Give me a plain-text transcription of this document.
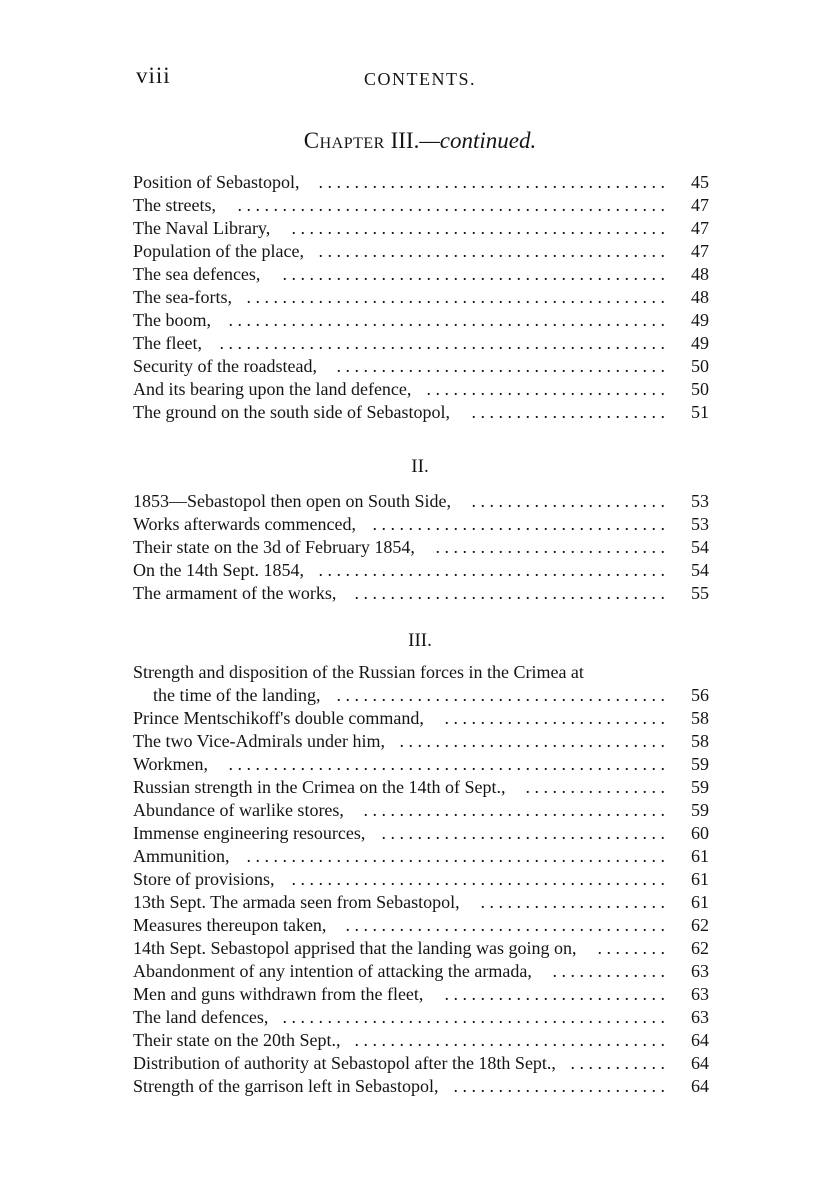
viii	CONTENTS.
Chapter III.—continued.
Position of Sebastopol, . . . . . . . . . . . . . . . . . . . . . . . . . . . . . . . . . . . . . . .	45
The streets, . . . . . . . . . . . . . . . . . . . . . . . . . . . . . . . . . . . . . . . . . . . . . . . .	47
The Naval Library, . . . . . . . . . . . . . . . . . . . . . . . . . . . . . . . . . . . . . . . . . .	47
Population of the place, . . . . . . . . . . . . . . . . . . . . . . . . . . . . . . . . . . . . . . .	47
The sea defences, . . . . . . . . . . . . . . . . . . . . . . . . . . . . . . . . . . . . . . . . . . .	48
The sea-forts, . . . . . . . . . . . . . . . . . . . . . . . . . . . . . . . . . . . . . . . . . . . . . . .	48
The boom, . . . . . . . . . . . . . . . . . . . . . . . . . . . . . . . . . . . . . . . . . . . . . . . . .	49
The fleet, . . . . . . . . . . . . . . . . . . . . . . . . . . . . . . . . . . . . . . . . . . . . . . . . . .	49
Security of the roadstead, . . . . . . . . . . . . . . . . . . . . . . . . . . . . . . . . . . . . .	50
And its bearing upon the land defence, . . . . . . . . . . . . . . . . . . . . . . . . . . .	50
The ground on the south side of Sebastopol, . . . . . . . . . . . . . . . . . . . . . .	51
II.
1853—Sebastopol then open on South Side, . . . . . . . . . . . . . . . . . . . . . .	53
Works afterwards commenced, . . . . . . . . . . . . . . . . . . . . . . . . . . . . . . . . .	53
Their state on the 3d of February 1854, . . . . . . . . . . . . . . . . . . . . . . . . . .	54
On the 14th Sept. 1854, . . . . . . . . . . . . . . . . . . . . . . . . . . . . . . . . . . . . . . .	54
The armament of the works, . . . . . . . . . . . . . . . . . . . . . . . . . . . . . . . . . . .	55
III.
Strength and disposition of the Russian forces in the Crimea at
the time of the landing, . . . . . . . . . . . . . . . . . . . . . . . . . . . . . . . . . . . . .	56
Prince Mentschikoff's double command, . . . . . . . . . . . . . . . . . . . . . . . . .	58
The two Vice-Admirals under him, . . . . . . . . . . . . . . . . . . . . . . . . . . . . . .	58
Workmen, . . . . . . . . . . . . . . . . . . . . . . . . . . . . . . . . . . . . . . . . . . . . . . . . .	59
Russian strength in the Crimea on the 14th of Sept., . . . . . . . . . . . . . . . .	59
Abundance of warlike stores, . . . . . . . . . . . . . . . . . . . . . . . . . . . . . . . . . .	59
Immense engineering resources, . . . . . . . . . . . . . . . . . . . . . . . . . . . . . . . .	60
Ammunition, . . . . . . . . . . . . . . . . . . . . . . . . . . . . . . . . . . . . . . . . . . . . . . .	61
Store of provisions, . . . . . . . . . . . . . . . . . . . . . . . . . . . . . . . . . . . . . . . . . .	61
13th Sept. The armada seen from Sebastopol, . . . . . . . . . . . . . . . . . . . . .	61
Measures thereupon taken, . . . . . . . . . . . . . . . . . . . . . . . . . . . . . . . . . . . .	62
14th Sept. Sebastopol apprised that the landing was going on, . . . . . . . .	62
Abandonment of any intention of attacking the armada, . . . . . . . . . . . . .	63
Men and guns withdrawn from the fleet, . . . . . . . . . . . . . . . . . . . . . . . . .	63
The land defences, . . . . . . . . . . . . . . . . . . . . . . . . . . . . . . . . . . . . . . . . . . .	63
Their state on the 20th Sept., . . . . . . . . . . . . . . . . . . . . . . . . . . . . . . . . . . .	64
Distribution of authority at Sebastopol after the 18th Sept., . . . . . . . . . . .	64
Strength of the garrison left in Sebastopol, . . . . . . . . . . . . . . . . . . . . . . . .	64
